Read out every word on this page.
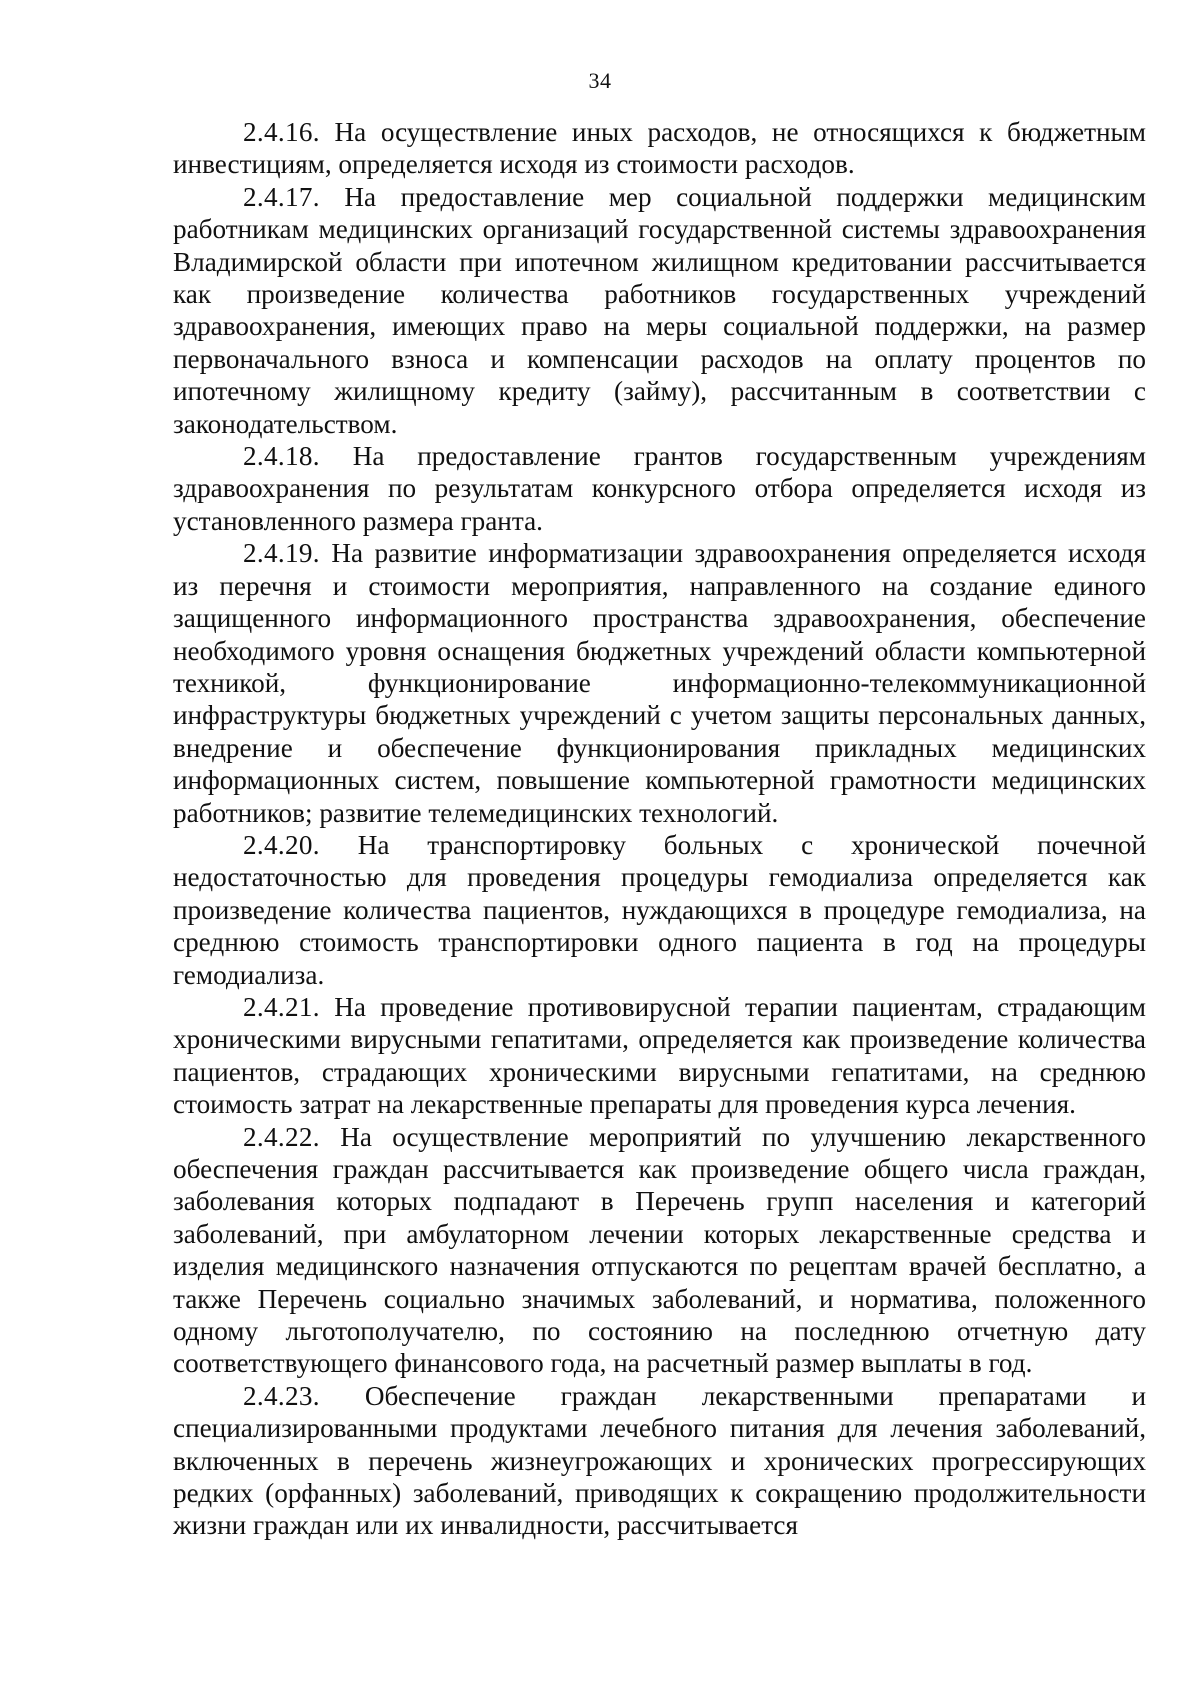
34

2.4.16. На осуществление иных расходов, не относящихся к бюджетным инвестициям, определяется исходя из стоимости расходов.

2.4.17. На предоставление мер социальной поддержки медицинским работникам медицинских организаций государственной системы здравоохранения Владимирской области при ипотечном жилищном кредитовании рассчитывается как произведение количества работников государственных учреждений здравоохранения, имеющих право на меры социальной поддержки, на размер первоначального взноса и компенсации расходов на оплату процентов по ипотечному жилищному кредиту (займу), рассчитанным в соответствии с законодательством.

2.4.18. На предоставление грантов государственным учреждениям здравоохранения по результатам конкурсного отбора определяется исходя из установленного размера гранта.

2.4.19. На развитие информатизации здравоохранения определяется исходя из перечня и стоимости мероприятия, направленного на создание единого защищенного информационного пространства здравоохранения, обеспечение необходимого уровня оснащения бюджетных учреждений области компьютерной техникой, функционирование информационно-телекоммуникационной инфраструктуры бюджетных учреждений с учетом защиты персональных данных, внедрение и обеспечение функционирования прикладных медицинских информационных систем, повышение компьютерной грамотности медицинских работников; развитие телемедицинских технологий.

2.4.20. На транспортировку больных с хронической почечной недостаточностью для проведения процедуры гемодиализа определяется как произведение количества пациентов, нуждающихся в процедуре гемодиализа, на среднюю стоимость транспортировки одного пациента в год на процедуры гемодиализа.

2.4.21. На проведение противовирусной терапии пациентам, страдающим хроническими вирусными гепатитами, определяется как произведение количества пациентов, страдающих хроническими вирусными гепатитами, на среднюю стоимость затрат на лекарственные препараты для проведения курса лечения.

2.4.22. На осуществление мероприятий по улучшению лекарственного обеспечения граждан рассчитывается как произведение общего числа граждан, заболевания которых подпадают в Перечень групп населения и категорий заболеваний, при амбулаторном лечении которых лекарственные средства и изделия медицинского назначения отпускаются по рецептам врачей бесплатно, а также Перечень социально значимых заболеваний, и норматива, положенного одному льготополучателю, по состоянию на последнюю отчетную дату соответствующего финансового года, на расчетный размер выплаты в год.

2.4.23. Обеспечение граждан лекарственными препаратами и специализированными продуктами лечебного питания для лечения заболеваний, включенных в перечень жизнеугрожающих и хронических прогрессирующих редких (орфанных) заболеваний, приводящих к сокращению продолжительности жизни граждан или их инвалидности, рассчитывается
